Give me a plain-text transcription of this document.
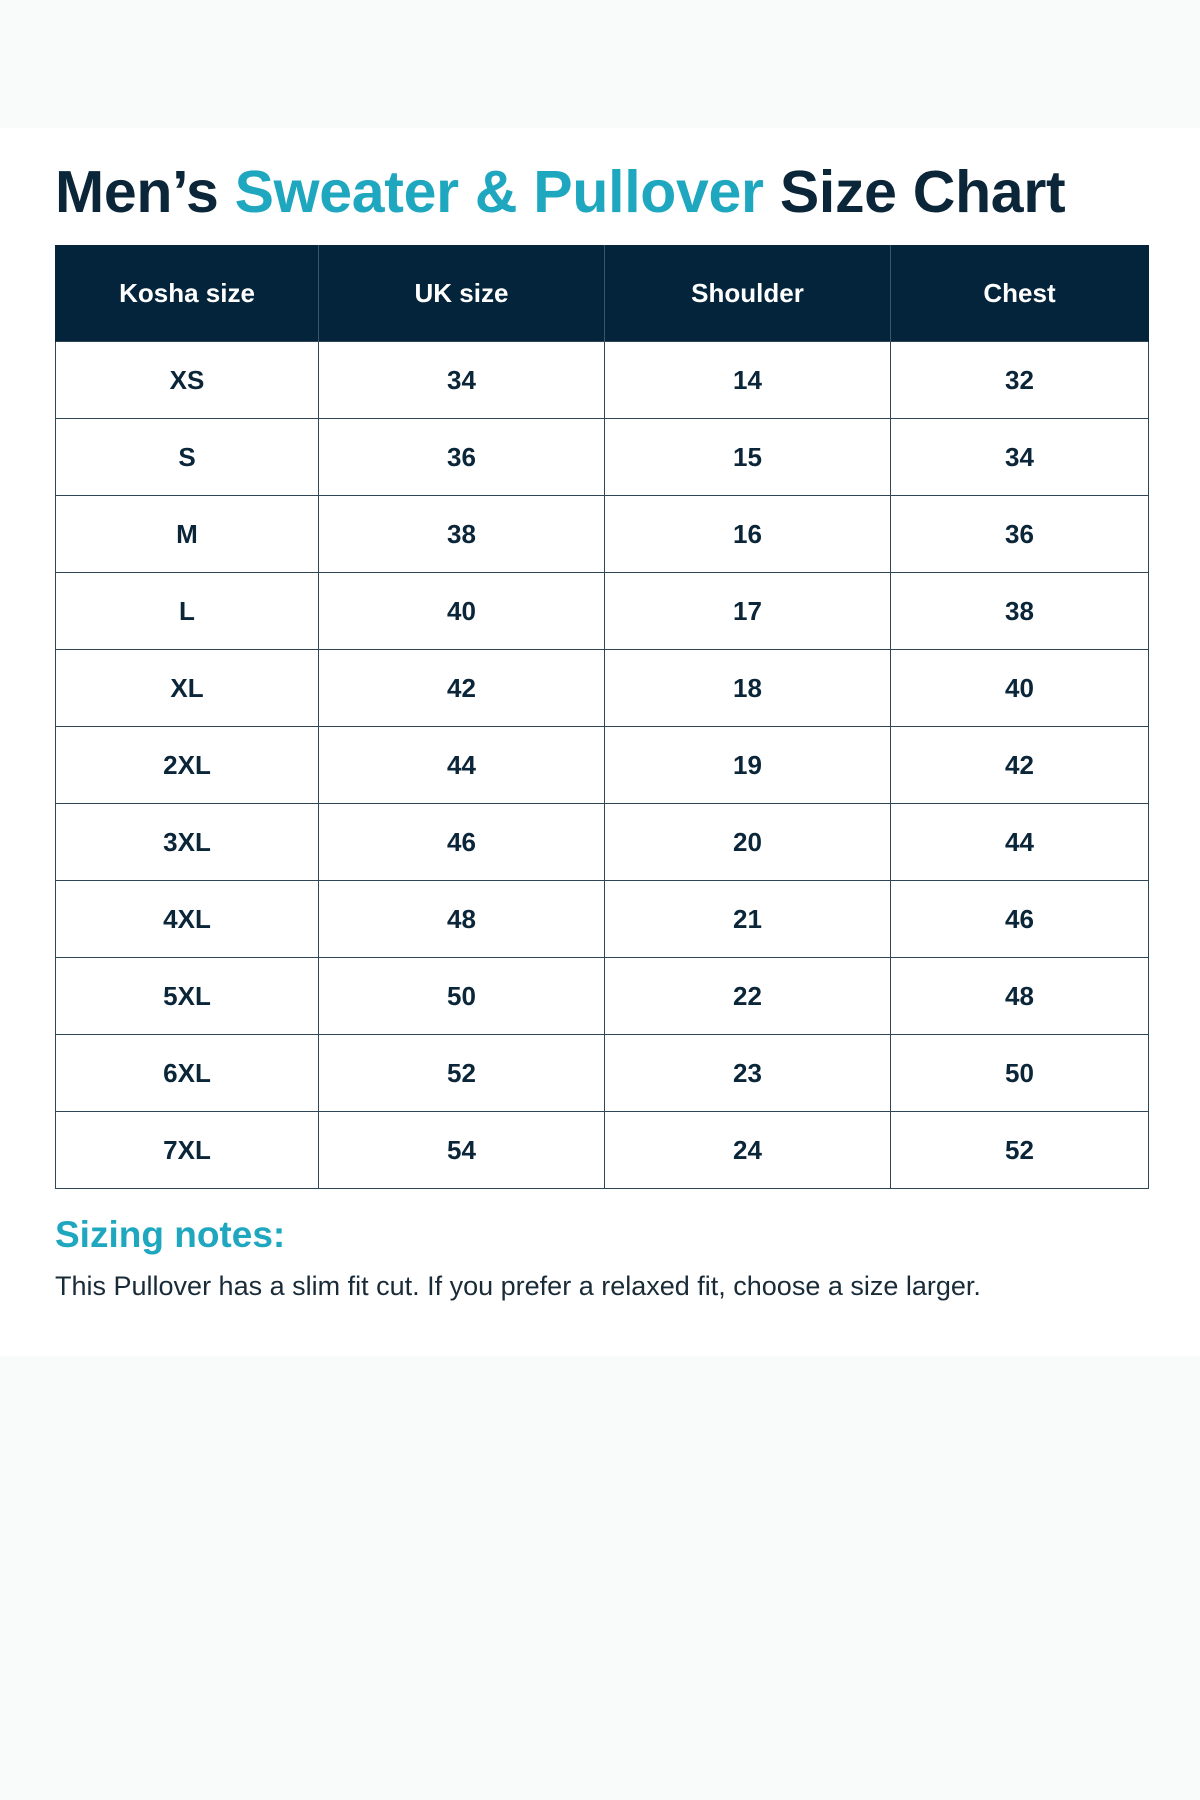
Men’s Sweater & Pullover Size Chart
Kosha size	UK size	Shoulder	Chest
XS	34	14	32
S	36	15	34
M	38	16	36
L	40	17	38
XL	42	18	40
2XL	44	19	42
3XL	46	20	44
4XL	48	21	46
5XL	50	22	48
6XL	52	23	50
7XL	54	24	52
Sizing notes:

This Pullover has a slim fit cut. If you prefer a relaxed fit, choose a size larger.
